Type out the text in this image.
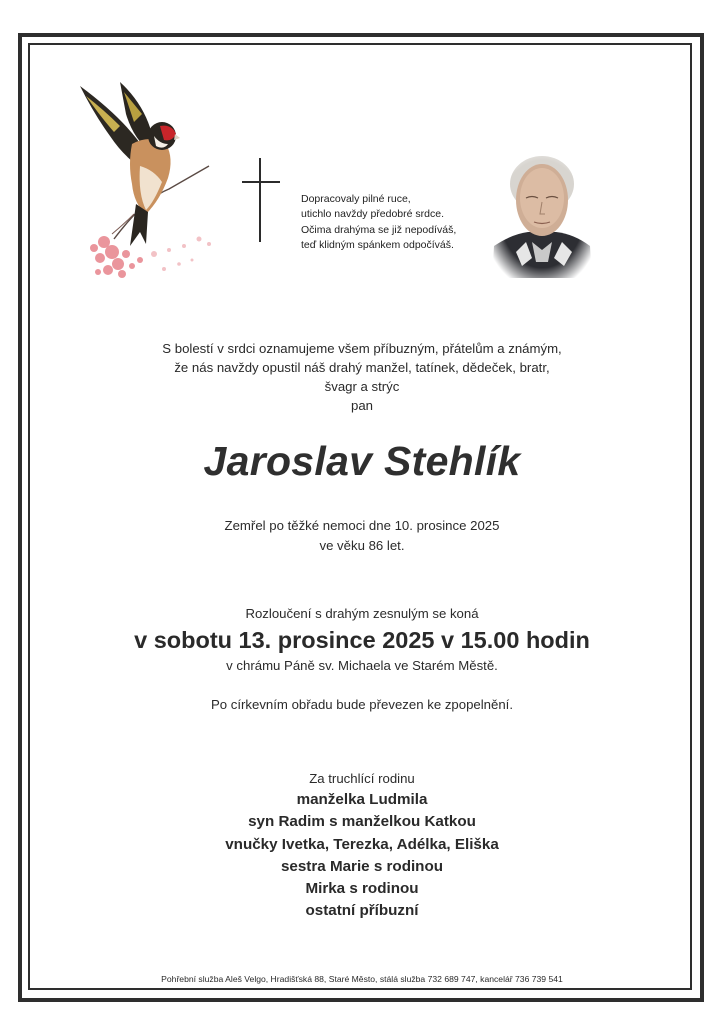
Dopracovaly pilné ruce,
utichlo navždy předobré srdce.
Očima drahýma se již nepodíváš,
teď klidným spánkem odpočíváš.
S bolestí v srdci oznamujeme všem příbuzným, přátelům a známým,
že nás navždy opustil náš drahý manžel, tatínek, dědeček, bratr,
švagr a strýc
pan
Jaroslav Stehlík
Zemřel po těžké nemoci dne 10. prosince 2025
ve věku 86 let.
Rozloučení s drahým zesnulým se koná
v sobotu 13. prosince 2025 v 15.00 hodin
v chrámu Páně sv. Michaela ve Starém Městě.
Po církevním obřadu bude převezen ke zpopelnění.
Za truchlící rodinu
manželka Ludmila
syn Radim s manželkou Katkou
vnučky Ivetka, Terezka, Adélka, Eliška
sestra Marie s rodinou
Mirka s rodinou
ostatní příbuzní
Pohřební služba Aleš Velgo, Hradišťská 88, Staré Město, stálá služba 732 689 747, kancelář 736 739 541
